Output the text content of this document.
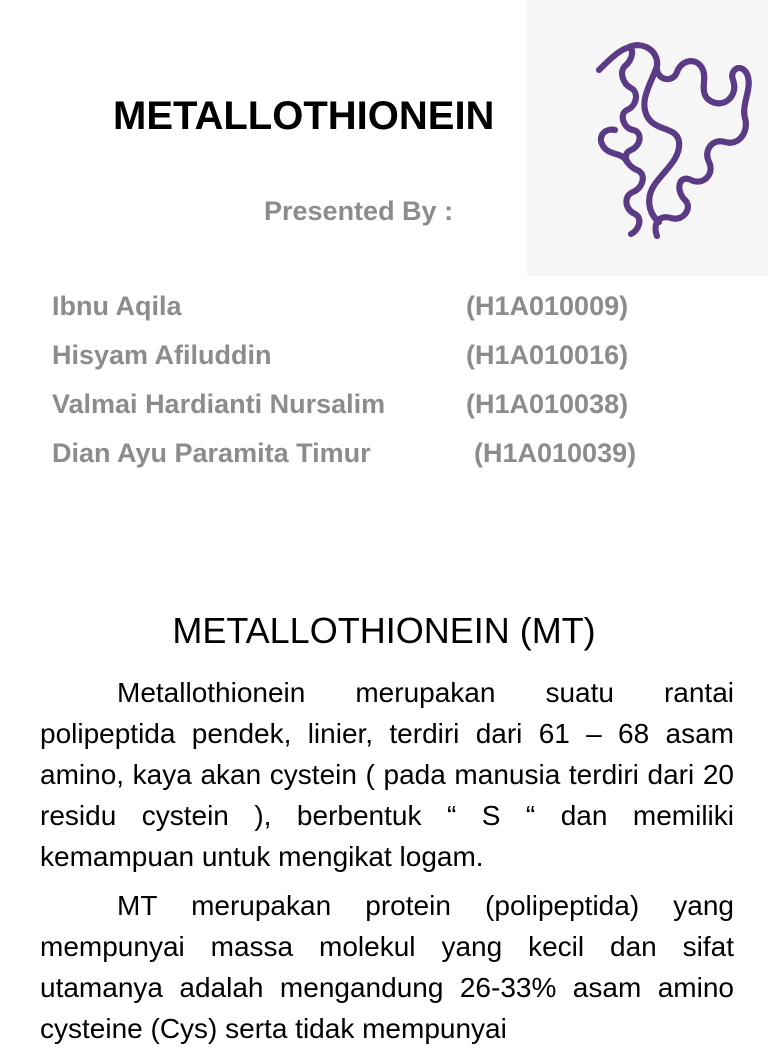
METALLOTHIONEIN
Presented By :
Ibnu Aqila	(H1A010009)
Hisyam Afiluddin	(H1A010016)
Valmai Hardianti Nursalim	(H1A010038)
Dian Ayu Paramita Timur	(H1A010039)
METALLOTHIONEIN (MT)

Metallothionein merupakan suatu rantai polipeptida pendek, linier, terdiri dari 61 – 68 asam amino, kaya akan cystein ( pada manusia terdiri dari 20 residu cystein ), berbentuk “ S “ dan memiliki kemampuan untuk mengikat logam.

MT merupakan protein (polipeptida) yang mempunyai massa molekul yang kecil dan sifat utamanya adalah mengandung 26-33% asam amino cysteine (Cys) serta tidak mempunyai
